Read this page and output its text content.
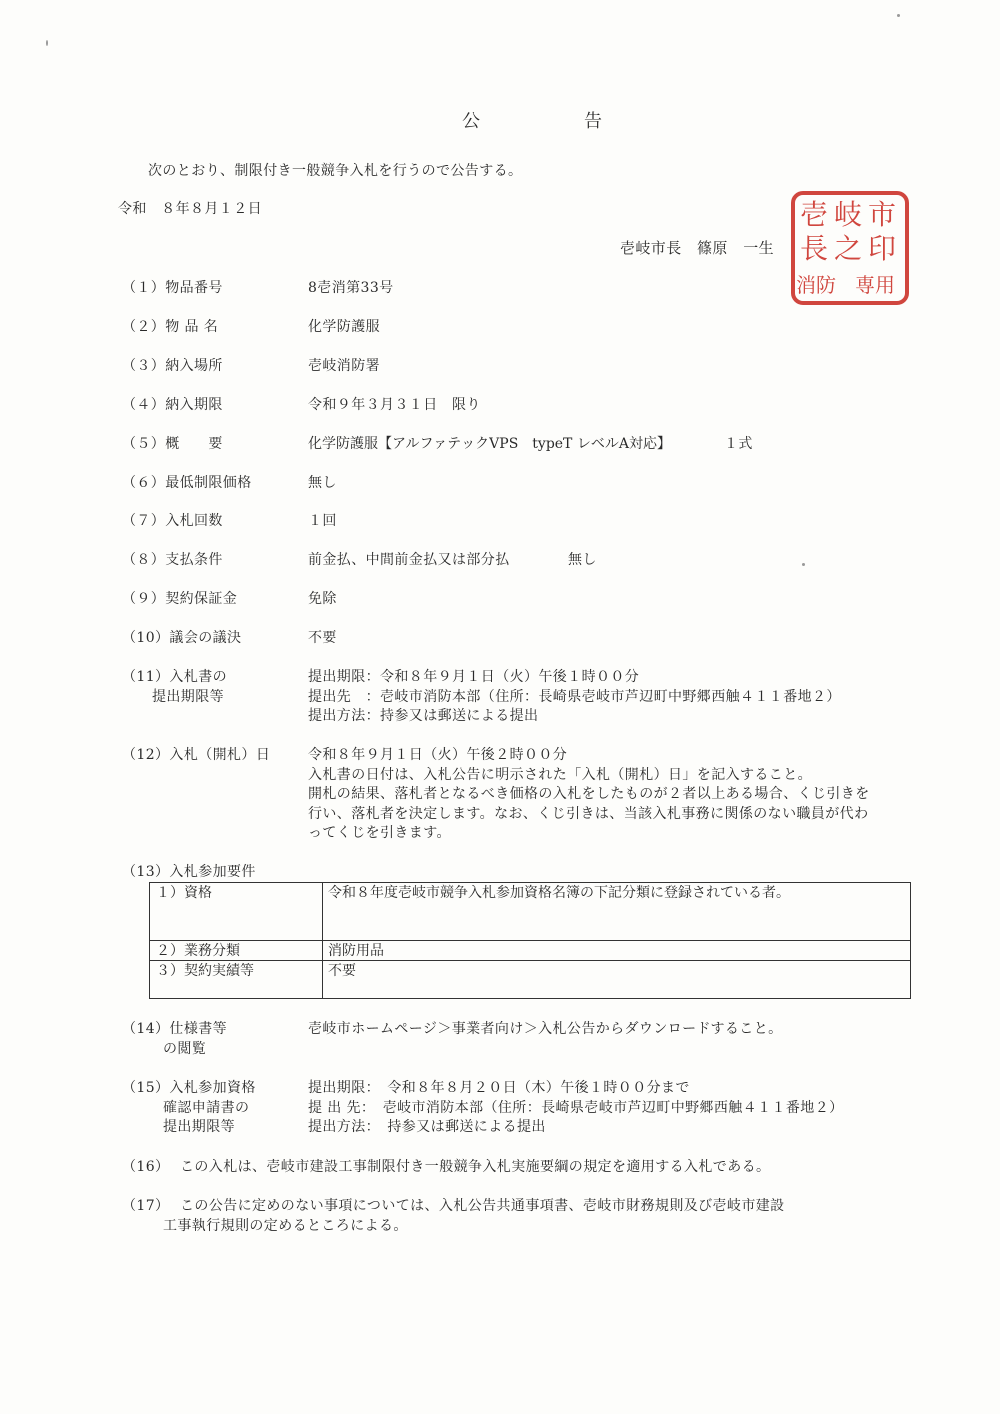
公	告
次のとおり、制限付き一般競争入札を行うので公告する。
令和　８年８月１２日
壱岐市長　篠原　一生
市
岐
壱
印
之
長
専用
消防
（１）物品番号	8壱消第33号
（２）物 品 名	化学防護服
（３）納入場所	壱岐消防署
（４）納入期限	令和９年３月３１日　限り
（５）概　　要	化学防護服【アルファテックVPS　typeT レベルA対応】	１式
（６）最低制限価格	無し
（７）入札回数	１回
（８）支払条件	前金払、中間前金払又は部分払	無し
（９）契約保証金	免除
（10）議会の議決	不要
（11）入札書の
提出期限等
提出期限：令和８年９月１日（火）午後１時００分
提出先　：壱岐市消防本部（住所：長崎県壱岐市芦辺町中野郷西触４１１番地２）
提出方法：持参又は郵送による提出
（12）入札（開札）日	令和８年９月１日（火）午後２時００分
入札書の日付は、入札公告に明示された「入札（開札）日」を記入すること。
開札の結果、落札者となるべき価格の入札をしたものが２者以上ある場合、くじ引きを
行い、落札者を決定します。なお、くじ引きは、当該入札事務に関係のない職員が代わ
ってくじを引きます。
（13）入札参加要件
１）資格	令和８年度壱岐市競争入札参加資格名簿の下記分類に登録されている者。
２）業務分類	消防用品
３）契約実績等	不要
（14）仕様書等
の閲覧
壱岐市ホームページ＞事業者向け＞入札公告からダウンロードすること。
（15）入札参加資格
確認申請書の
提出期限等
提出期限：　令和８年８月２０日（木）午後１時００分まで
提 出 先：　壱岐市消防本部（住所：長崎県壱岐市芦辺町中野郷西触４１１番地２）
提出方法：　持参又は郵送による提出
（16） この入札は、壱岐市建設工事制限付き一般競争入札実施要綱の規定を適用する入札である。
（17） この公告に定めのない事項については、入札公告共通事項書、壱岐市財務規則及び壱岐市建設
工事執行規則の定めるところによる。
